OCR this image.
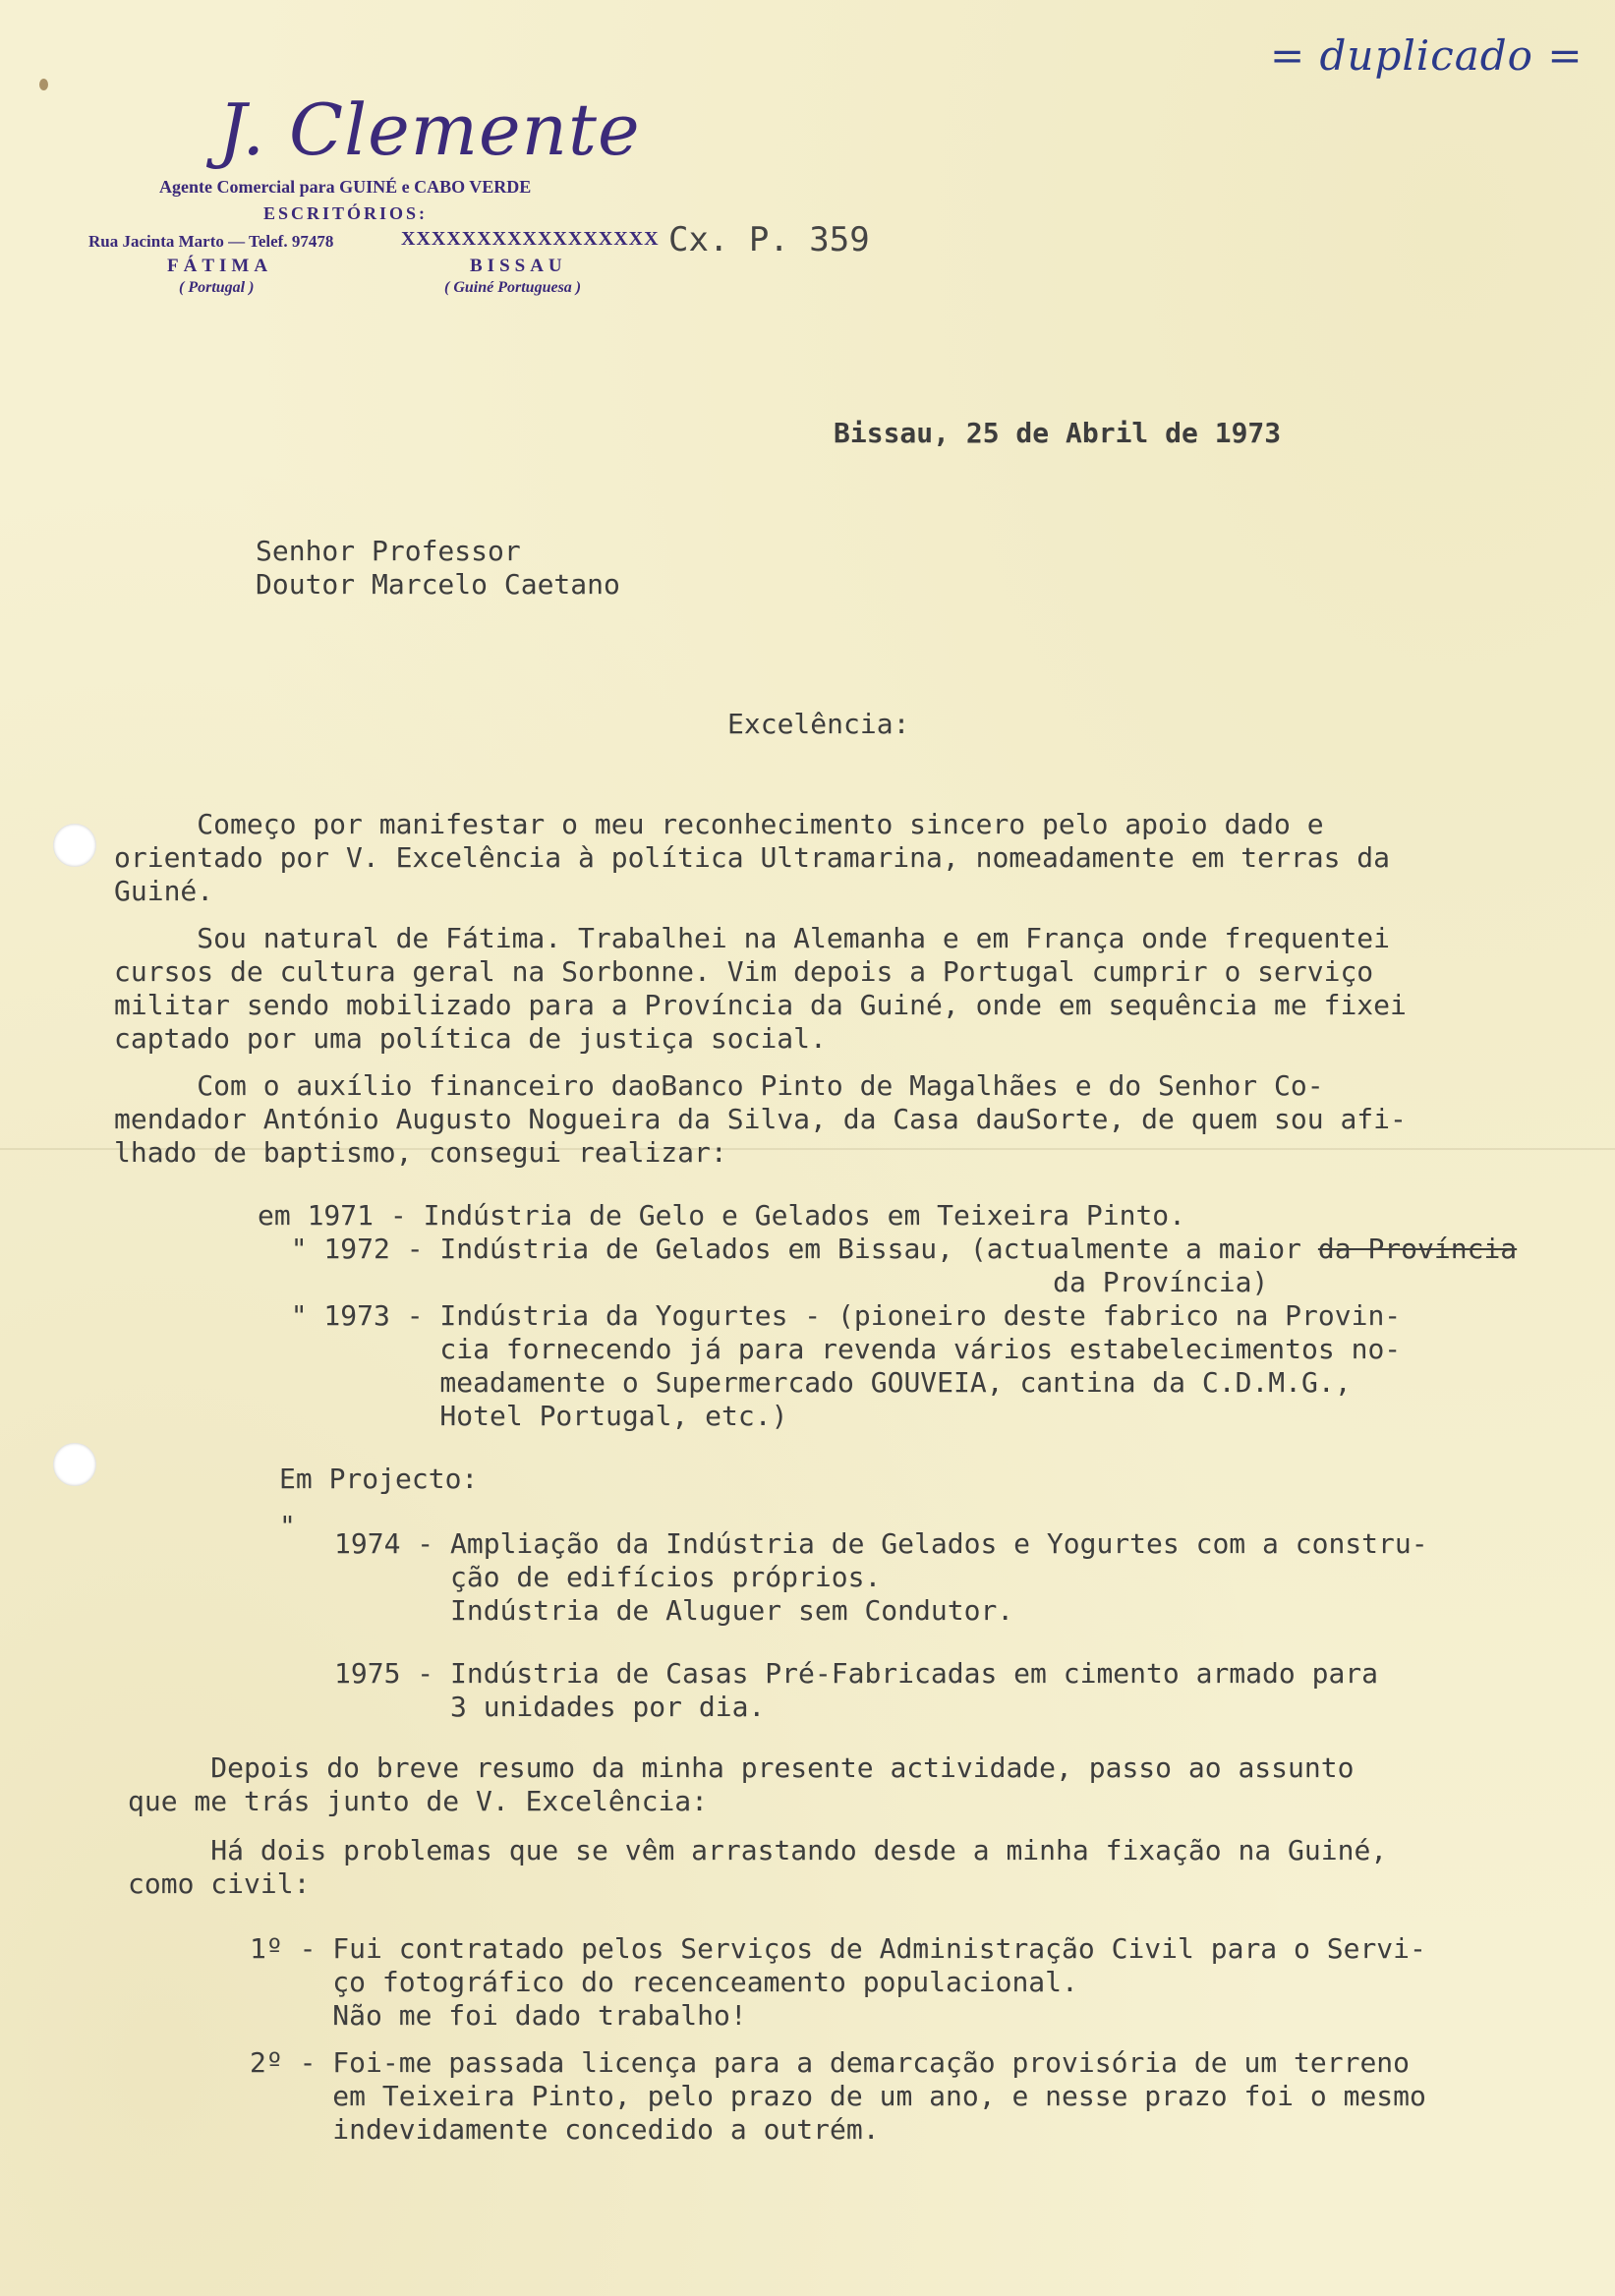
= duplicado =
J. Clemente
Agente Comercial para GUINÉ e CABO VERDE
ESCRITÓRIOS:
Rua Jacinta Marto — Telef. 97478
FÁTIMA
( Portugal )
XXXXXXXXXXXXXXXXX Cx. P. 359
BISSAU
( Guiné Portuguesa )
Bissau, 25 de Abril de 1973
Senhor Professor
Doutor Marcelo Caetano
Excelência:
Começo por manifestar o meu reconhecimento sincero pelo apoio dado e
orientado por V. Excelência à política Ultramarina, nomeadamente em terras da
Guiné.
Sou natural de Fátima. Trabalhei na Alemanha e em França onde frequentei
cursos de cultura geral na Sorbonne. Vim depois a Portugal cumprir o serviço
militar sendo mobilizado para a Província da Guiné, onde em sequência me fixei
captado por uma política de justiça social.
Com o auxílio financeiro daoBanco Pinto de Magalhães e do Senhor Co-
mendador António Augusto Nogueira da Silva, da Casa dauSorte, de quem sou afi-
lhado de baptismo, consegui realizar:
em 1971 - Indústria de Gelo e Gelados em Teixeira Pinto.
" 1972 - Indústria de Gelados em Bissau, (actualmente a maior da Província
da Província)
" 1973 - Indústria da Yogurtes - (pioneiro deste fabrico na Provin-
cia fornecendo já para revenda vários estabelecimentos no-
meadamente o Supermercado GOUVEIA, cantina da C.D.M.G.,
Hotel Portugal, etc.)
Em Projecto:
"
1974 - Ampliação da Indústria de Gelados e Yogurtes com a constru-
ção de edifícios próprios.
Indústria de Aluguer sem Condutor.
1975 - Indústria de Casas Pré-Fabricadas em cimento armado para
3 unidades por dia.
Depois do breve resumo da minha presente actividade, passo ao assunto
que me trás junto de V. Excelência:
Há dois problemas que se vêm arrastando desde a minha fixação na Guiné,
como civil:
1º - Fui contratado pelos Serviços de Administração Civil para o Servi-
ço fotográfico do recenceamento populacional.
Não me foi dado trabalho!
2º - Foi-me passada licença para a demarcação provisória de um terreno
em Teixeira Pinto, pelo prazo de um ano, e nesse prazo foi o mesmo
indevidamente concedido a outrém.
